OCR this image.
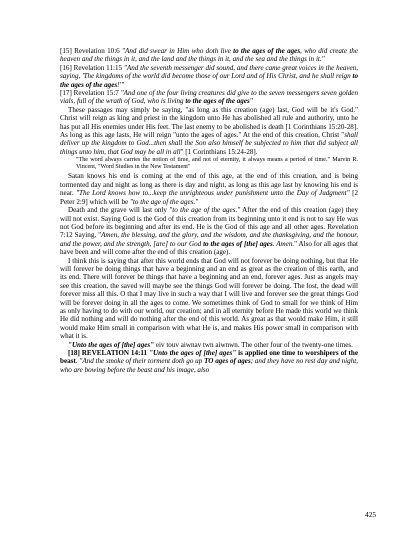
[15] Revelation 10:6 "And did swear in Him who doth live to the ages of the ages, who did create the heaven and the things in it, and the land and the things in it, and the sea and the things in it."

[16] Revelation 11:15 "And the seventh messenger did sound, and there came great voices in the heaven, saying, 'The kingdoms of the world did become those of our Lord and of His Christ, and he shall reign to the ages of the ages!'"

[17] Revelation 15:7 "And one of the four living creatures did give to the seven messengers seven golden vials, full of the wrath of God, who is living to the ages of the ages"

These passages may simply be saying, "as long as this creation (age) last, God will be it's God." Christ will reign as king and priest in the kingdom unto He has abolished all rule and authority, unto he has put all His enemies under His feet. The last enemy to be abolished is death [1 Corinthians 15:20-28]. As long as this age lasts, He will reign "unto the ages of ages." At the end of this creation, Christ "shall deliver up the kingdom to God...then shall the Son also himself be subjected to him that did subject all things unto him, that God may be all in all" [1 Corinthians 15:24-28].

"The word always carries the notion of time, and not of eternity, it always means a period of time." Marvin R. Vincent, "Word Studies in the New Testament"

Satan knows his end is coming at the end of this age, at the end of this creation, and is being tormented day and night as long as there is day and night, as long as this age last by knowing his end is near. "The Lord knows how to...keep the unrighteous under punishment unto the Day of Judgment" [2 Peter 2:9] which will be "to the age of the ages."

Death and the grave will last only "to the age of the ages." After the end of this creation (age) they will not exist. Saying God is the God of this creation from its beginning unto it end is not to say He was not God before its beginning and after its end. He is the God of this age and all other ages. Revelation 7:12 Saying, "Amen, the blessing, and the glory, and the wisdom, and the thanksgiving, and the honour, and the power, and the strength, [are] to our God to the ages of [the] ages. Amen." Also for all ages that have been and will come after the end of this creation (age).

I think this is saying that after this world ends that God will not forever be doing nothing, but that He will forever be doing things that have a beginning and an end as great as the creation of this earth, and its end. There will forever be things that have a beginning and an end, forever ages. Just as angels may see this creation, the saved will maybe see the things God will forever be doing. The lost, the dead will forever miss all this. O that I may live in such a way that I will live and forever see the great things God will be forever doing in all the ages to come. We sometimes think of God to small for we think of Him as only having to do with our world, our creation; and in all eternity before He made this world we think He did nothing and will do nothing after the end of this world. As great as that would make Him, it still would make Him small in comparison with what He is, and makes His power small in comparison with what it is.

"Unto the ages of [the] ages" eiv touv aiwnav twn aiwnwn. The other four of the twenty-one times.

[18] REVELATION 14:11 "Unto the ages of [the] ages" is applied one time to worshipers of the beast. "And the smoke of their torment doth go up TO ages of ages; and they have no rest day and night, who are bowing before the beast and his image, also

425
